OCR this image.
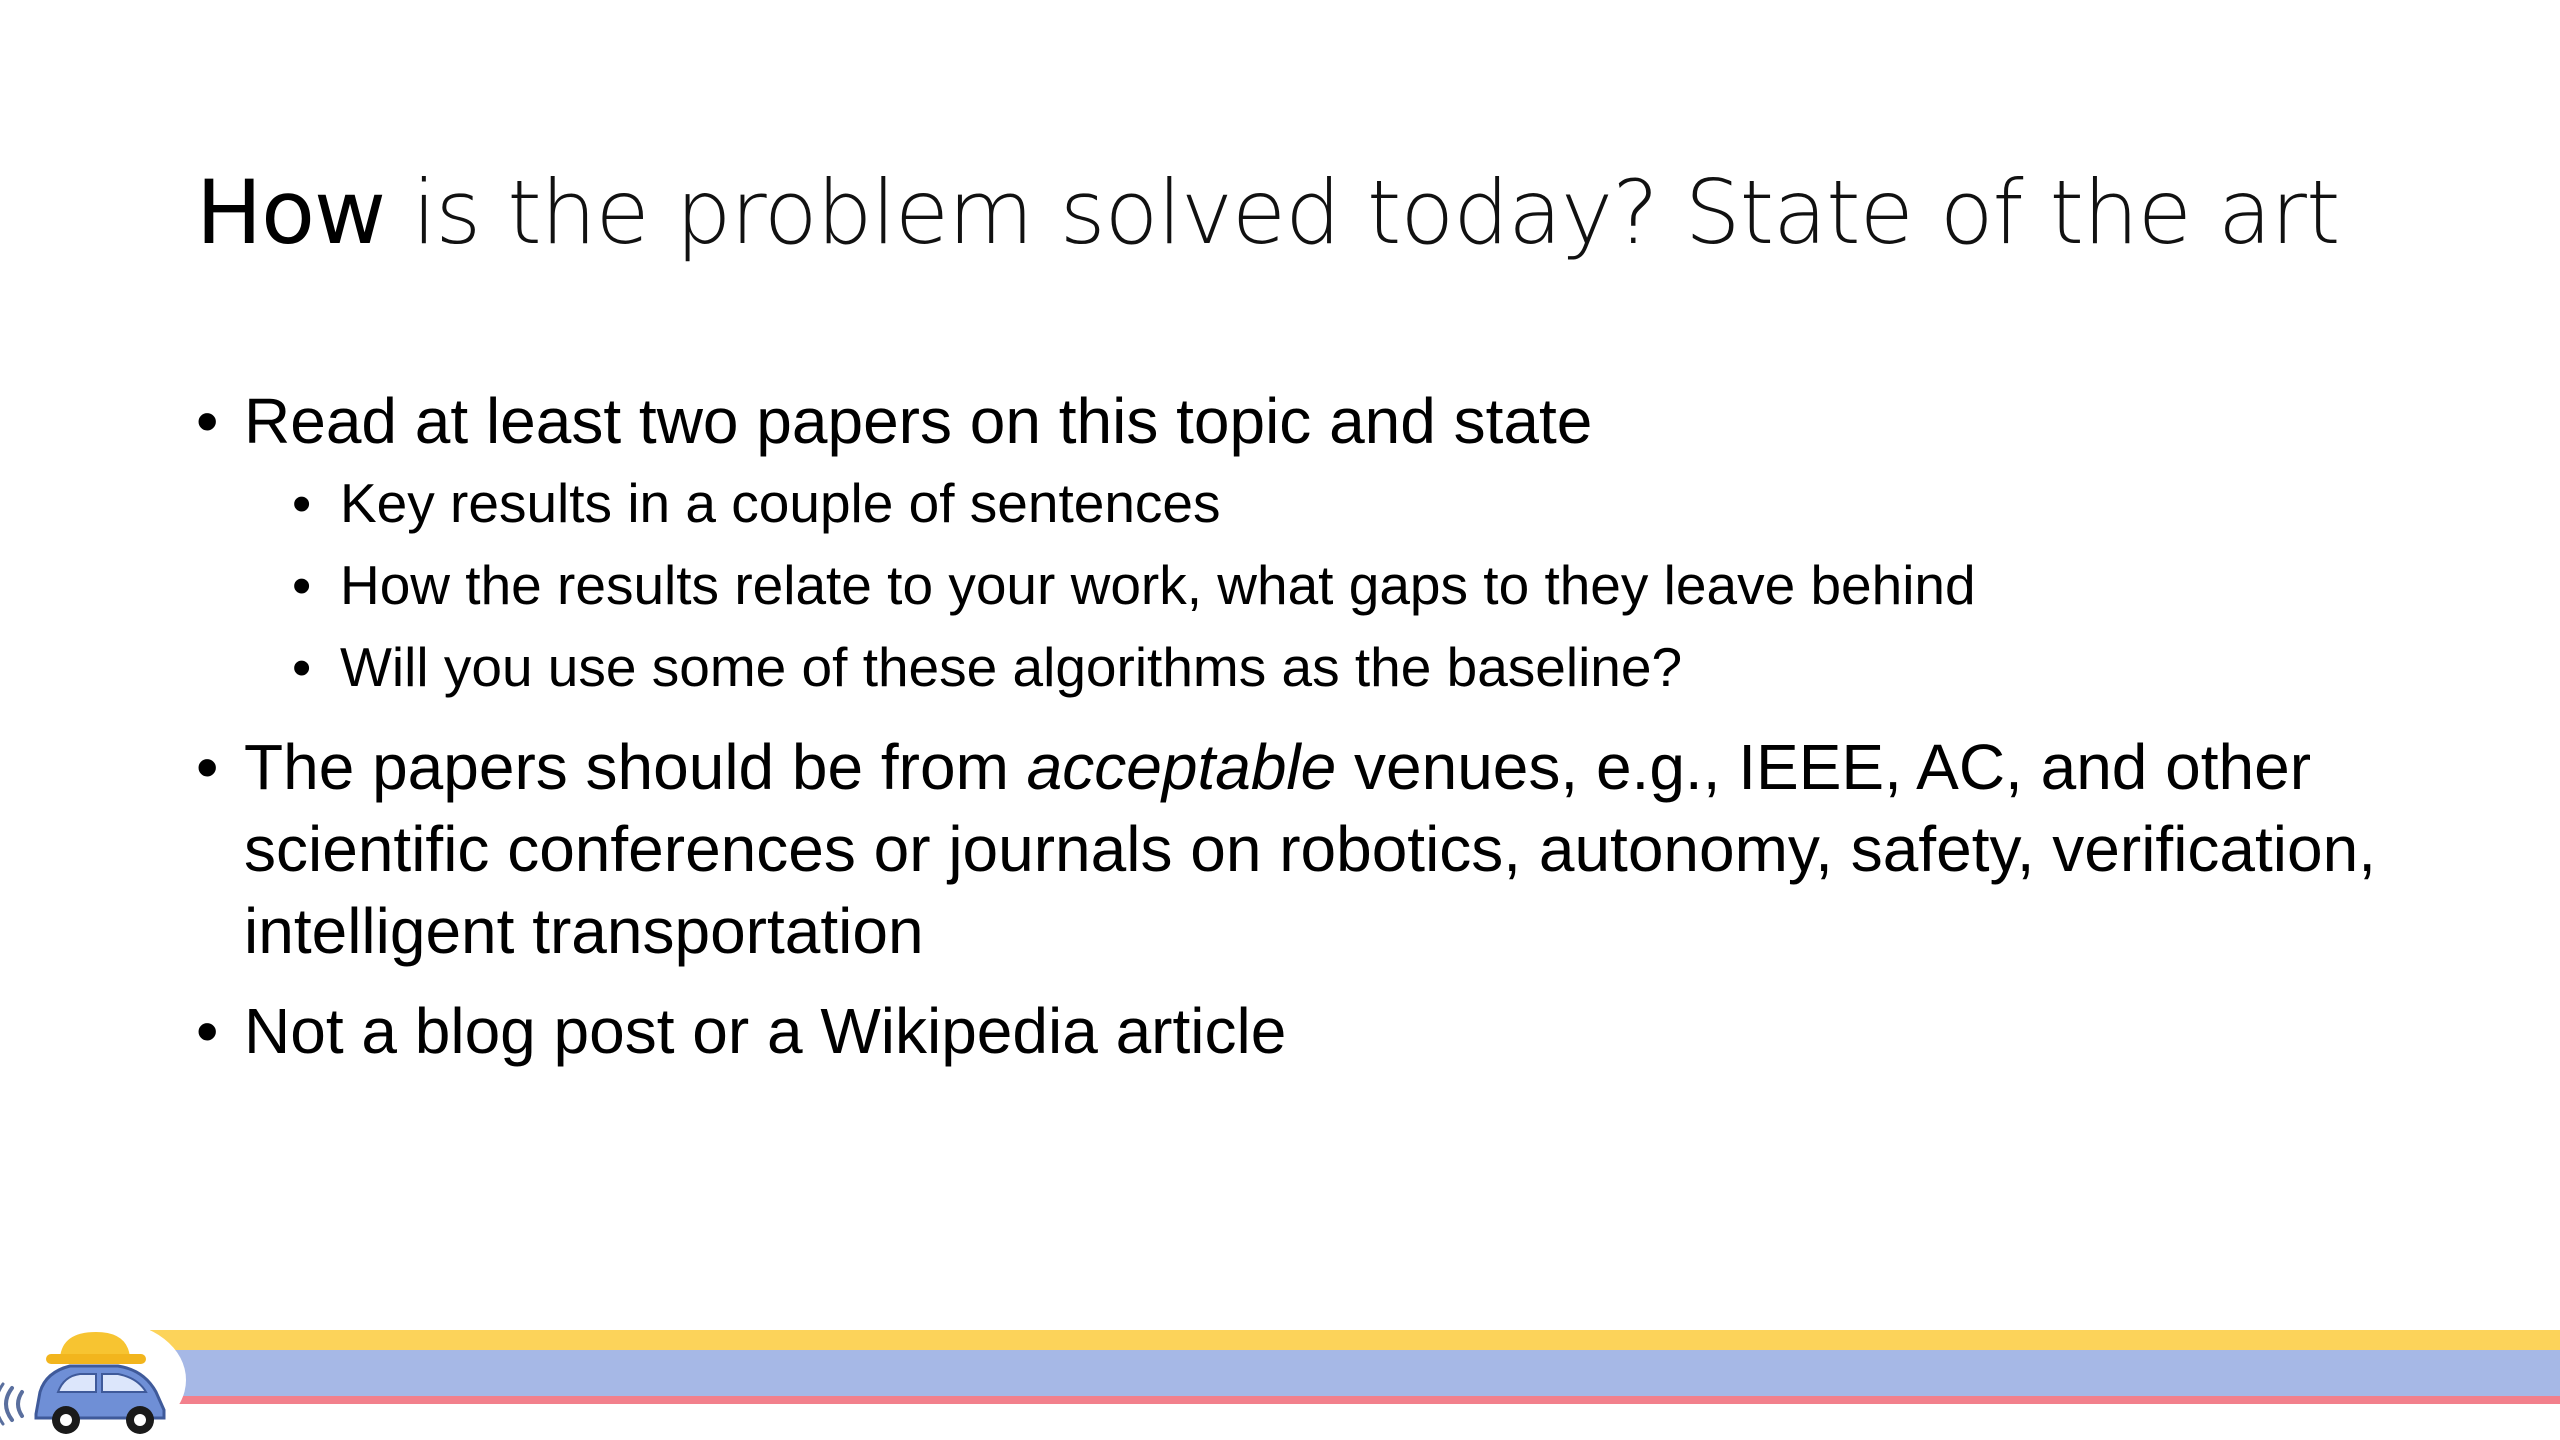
How is the problem solved today? State of the art
• Read at least two papers on this topic and state
• Key results in a couple of sentences
• How the results relate to your work, what gaps to they leave behind
• Will you use some of these algorithms as the baseline?
• The papers should be from acceptable venues, e.g., IEEE, AC, and other scientific conferences or journals on robotics, autonomy, safety, verification, intelligent transportation
• Not a blog post or a Wikipedia article
